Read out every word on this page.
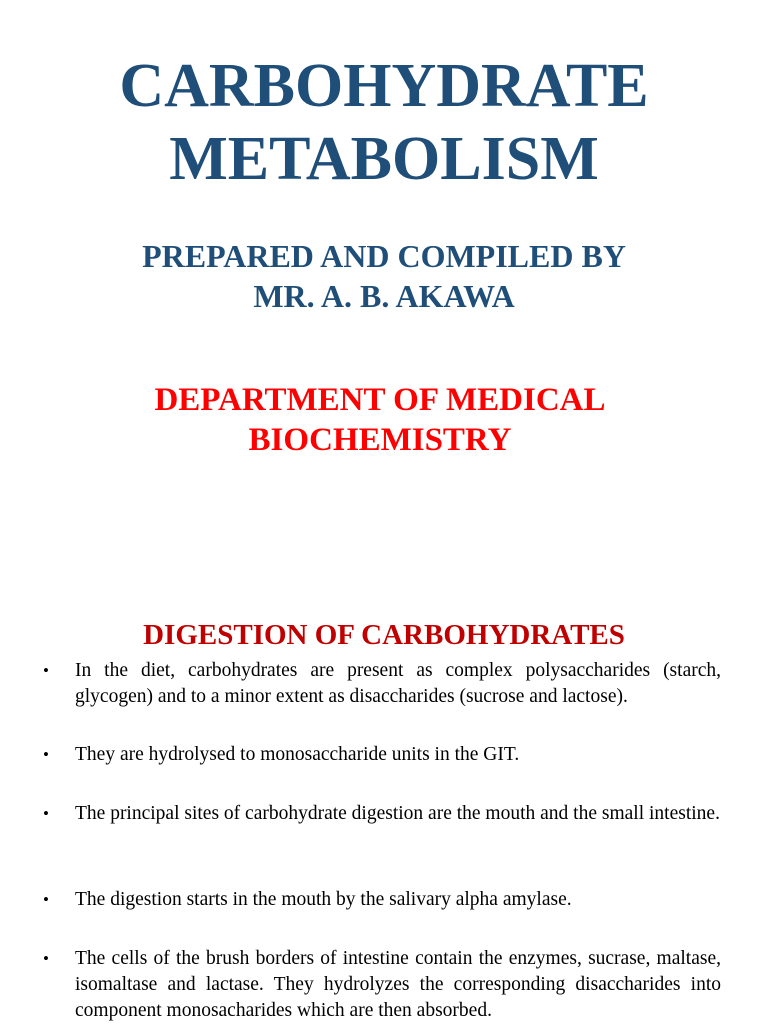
CARBOHYDRATE
METABOLISM
PREPARED AND COMPILED BY
MR. A. B. AKAWA
DEPARTMENT OF MEDICAL
BIOCHEMISTRY
DIGESTION OF CARBOHYDRATES
• In the diet, carbohydrates are present as complex polysaccharides (starch, glycogen) and to a minor extent as disaccharides (sucrose and lactose).
• They are hydrolysed to monosaccharide units in the GIT.
• The principal sites of carbohydrate digestion are the mouth and the small intestine.
• The digestion starts in the mouth by the salivary alpha amylase.
• The cells of the brush borders of intestine contain the enzymes, sucrase, maltase, isomaltase and lactase. They hydrolyzes the corresponding disaccharides into component monosacharides which are then absorbed.
